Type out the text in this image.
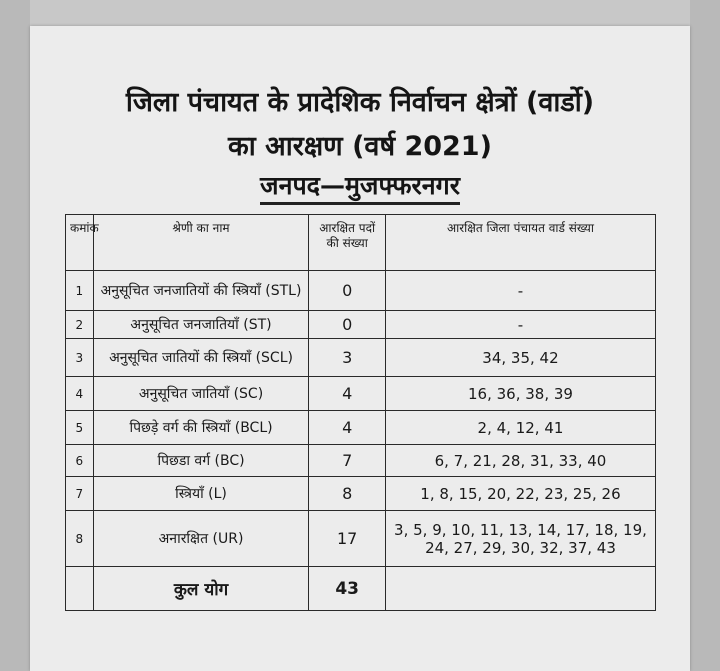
जिला पंचायत के प्रादेशिक निर्वाचन क्षेत्रों (वार्डो)
का आरक्षण (वर्ष 2021)
जनपद—मुजफ्फरनगर
कमांक	श्रेणी का नाम	आरक्षित पदों की संख्या	आरक्षित जिला पंचायत वार्ड संख्या
1	अनुसूचित जनजातियों की स्त्रियाँ (STL)	0	-
2	अनुसूचित जनजातियाँ (ST)	0	-
3	अनुसूचित जातियों की स्त्रियाँ (SCL)	3	34, 35, 42
4	अनुसूचित जातियाँ (SC)	4	16, 36, 38, 39
5	पिछड़े वर्ग की स्त्रियाँ (BCL)	4	2, 4, 12, 41
6	पिछडा वर्ग (BC)	7	6, 7, 21, 28, 31, 33, 40
7	स्त्रियाँ (L)	8	1, 8, 15, 20, 22, 23, 25, 26
8	अनारक्षित (UR)	17	3, 5, 9, 10, 11, 13, 14, 17, 18, 19, 24, 27, 29, 30, 32, 37, 43
	कुल योग	43	
